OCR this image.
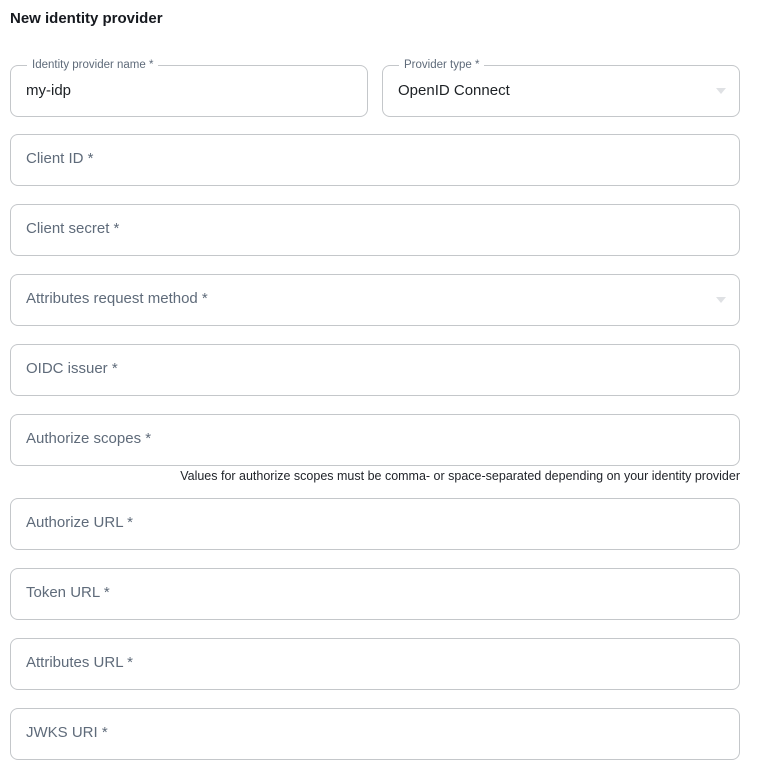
New identity provider
Identity provider name *
my-idp	Provider type *
OpenID Connect
Client ID *
Client secret *
Attributes request method *
OIDC issuer *
Authorize scopes *
Values for authorize scopes must be comma- or space-separated depending on your identity provider
Authorize URL *
Token URL *
Attributes URL *
JWKS URI *
